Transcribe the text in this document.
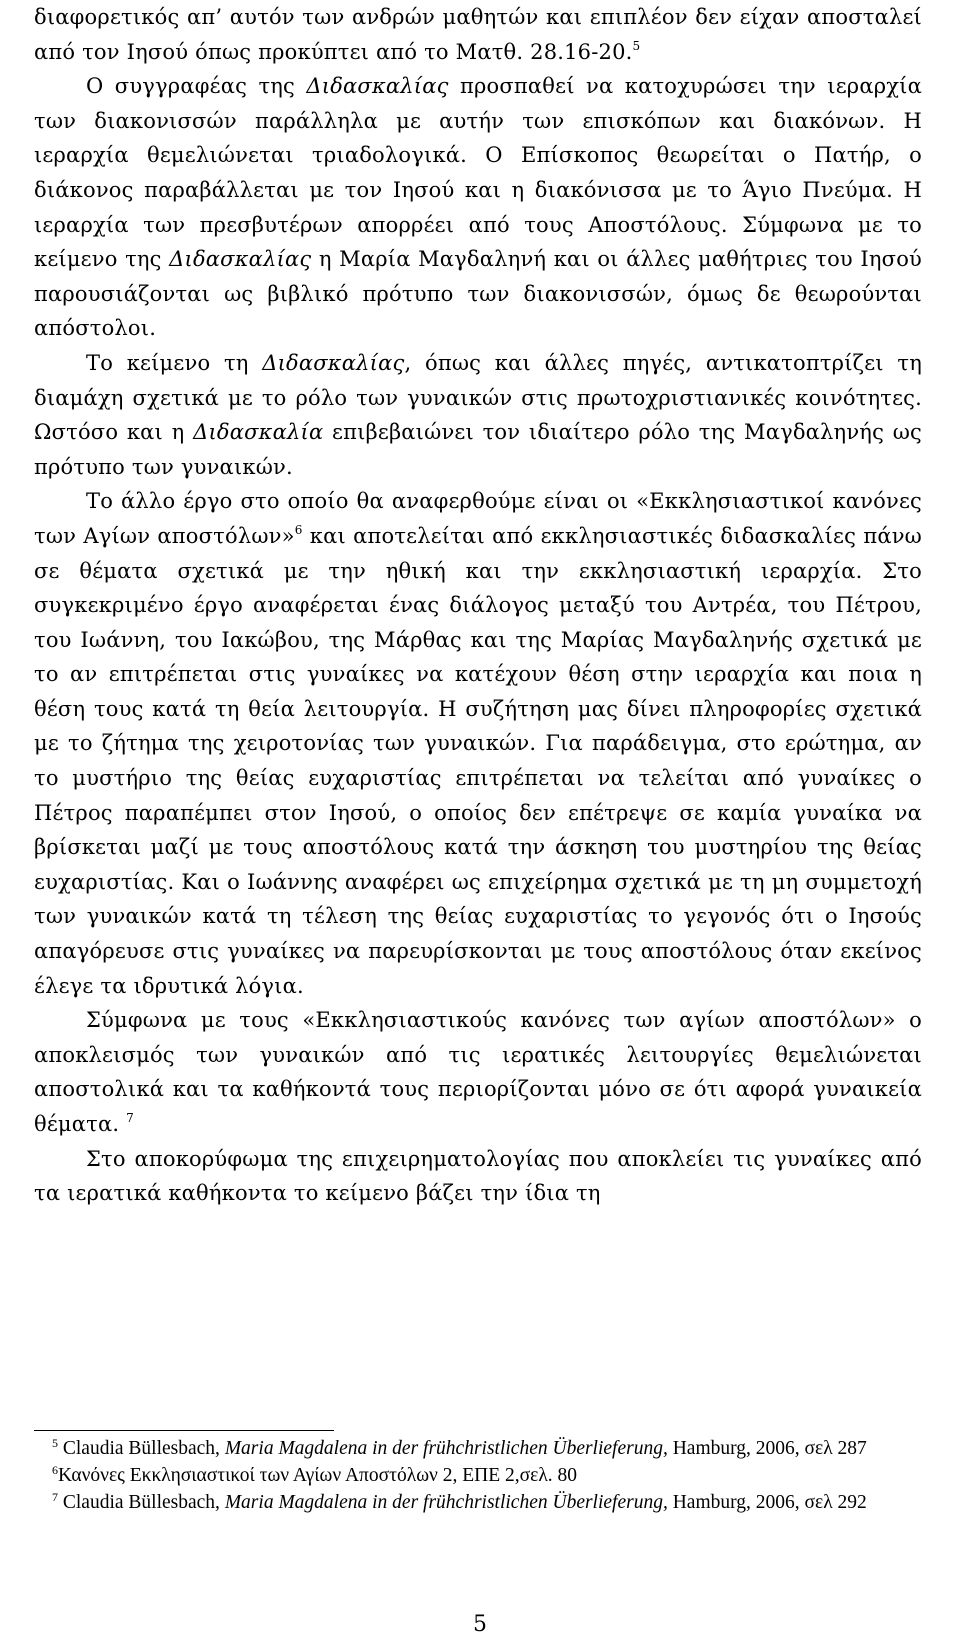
διαφορετικός απ’ αυτόν των ανδρών μαθητών και επιπλέον δεν είχαν αποσταλεί από τον Ιησού όπως προκύπτει από το Ματθ. 28.16-20.$^5$

Ο συγγραφέας της Διδασκαλίας προσπαθεί να κατοχυρώσει την ιεραρχία των διακονισσών παράλληλα με αυτήν των επισκόπων και διακόνων. Η ιεραρχία θεμελιώνεται τριαδολογικά. Ο Επίσκοπος θεωρείται ο Πατήρ, ο διάκονος παραβάλλεται με τον Ιησού και η διακόνισσα με το Άγιο Πνεύμα. Η ιεραρχία των πρεσβυτέρων απορρέει από τους Αποστόλους. Σύμφωνα με το κείμενο της Διδασκαλίας η Μαρία Μαγδαληνή και οι άλλες μαθήτριες του Ιησού παρουσιάζονται ως βιβλικό πρότυπο των διακονισσών, όμως δε θεωρούνται απόστολοι.

Το κείμενο τη Διδασκαλίας, όπως και άλλες πηγές, αντικατοπτρίζει τη διαμάχη σχετικά με το ρόλο των γυναικών στις πρωτοχριστιανικές κοινότητες. Ωστόσο και η Διδασκαλία επιβεβαιώνει τον ιδιαίτερο ρόλο της Μαγδαληνής ως πρότυπο των γυναικών.

Το άλλο έργο στο οποίο θα αναφερθούμε είναι οι «Εκκλησιαστικοί κανόνες των Αγίων αποστόλων»$^6$ και αποτελείται από εκκλησιαστικές διδασκαλίες πάνω σε θέματα σχετικά με την ηθική και την εκκλησιαστική ιεραρχία. Στο συγκεκριμένο έργο αναφέρεται ένας διάλογος μεταξύ του Αντρέα, του Πέτρου, του Ιωάννη, του Ιακώβου, της Μάρθας και της Μαρίας Μαγδαληνής σχετικά με το αν επιτρέπεται στις γυναίκες να κατέχουν θέση στην ιεραρχία και ποια η θέση τους κατά τη θεία λειτουργία. Η συζήτηση μας δίνει πληροφορίες σχετικά με το ζήτημα της χειροτονίας των γυναικών. Για παράδειγμα, στο ερώτημα, αν το μυστήριο της θείας ευχαριστίας επιτρέπεται να τελείται από γυναίκες ο Πέτρος παραπέμπει στον Ιησού, ο οποίος δεν επέτρεψε σε καμία γυναίκα να βρίσκεται μαζί με τους αποστόλους κατά την άσκηση του μυστηρίου της θείας ευχαριστίας. Και ο Ιωάννης αναφέρει ως επιχείρημα σχετικά με τη μη συμμετοχή των γυναικών κατά τη τέλεση της θείας ευχαριστίας το γεγονός ότι ο Ιησούς απαγόρευσε στις γυναίκες να παρευρίσκονται με τους αποστόλους όταν εκείνος έλεγε τα ιδρυτικά λόγια.

Σύμφωνα με τους «Εκκλησιαστικούς κανόνες των αγίων αποστόλων» ο αποκλεισμός των γυναικών από τις ιερατικές λειτουργίες θεμελιώνεται αποστολικά και τα καθήκοντά τους περιορίζονται μόνο σε ότι αφορά γυναικεία θέματα. $^7$

Στο αποκορύφωμα της επιχειρηματολογίας που αποκλείει τις γυναίκες από τα ιερατικά καθήκοντα το κείμενο βάζει την ίδια τη

$^5$ Claudia Büllesbach, Maria Magdalena in der frühchristlichen Überlieferung, Hamburg, 2006, σελ 287

$^6$Κανόνες Εκκλησιαστικοί των Αγίων Αποστόλων 2, ΕΠΕ 2,σελ. 80

$^7$ Claudia Büllesbach, Maria Magdalena in der frühchristlichen Überlieferung, Hamburg, 2006, σελ 292

5
